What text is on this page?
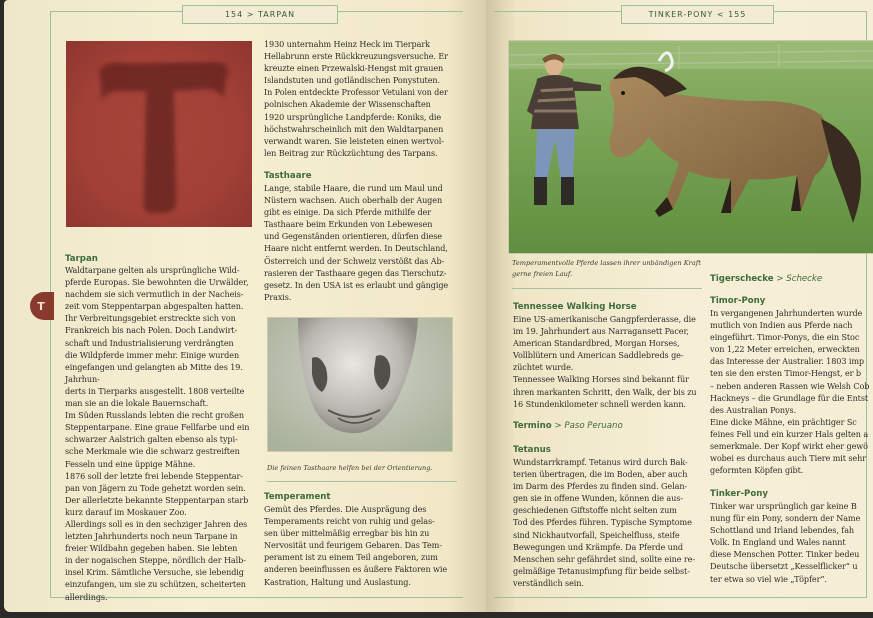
154 > TARPAN
T
T
Tarpan
Waldtarpane gelten als ursprüngliche Wild-
pferde Europas. Sie bewohnten die Urwälder,
nachdem sie sich vermutlich in der Nacheis-
zeit vom Steppentarpan abgespalten hatten.
Ihr Verbreitungsgebiet erstreckte sich von
Frankreich bis nach Polen. Doch Landwirt-
schaft und Industrialisierung verdrängten
die Wildpferde immer mehr. Einige wurden
eingefangen und gelangten ab Mitte des 19. Jahrhun-
derts in Tierparks ausgestellt. 1808 verteilte
man sie an die lokale Bauernschaft.
Im Süden Russlands lebten die recht großen
Steppentarpane. Eine graue Fellfarbe und ein
schwarzer Aalstrich galten ebenso als typi-
sche Merkmale wie die schwarz gestreiften
Fesseln und eine üppige Mähne.
1876 soll der letzte frei lebende Steppentar-
pan von Jägern zu Tode gehetzt worden sein.
Der allerletzte bekannte Steppentarpan starb
kurz darauf im Moskauer Zoo.
Allerdings soll es in den sechziger Jahren des
letzten Jahrhunderts noch neun Tarpane in
freier Wildbahn gegeben haben. Sie lebten
in der nogaischen Steppe, nördlich der Halb-
insel Krim. Sämtliche Versuche, sie lebendig
einzufangen, um sie zu schützen, scheiterten
allerdings.
1930 unternahm Heinz Heck im Tierpark
Hellabrunn erste Rückkreuzungsversuche. Er
kreuzte einen Przewalski-Hengst mit grauen
Islandstuten und gotländischen Ponystuten.
In Polen entdeckte Professor Vetulani von der
polnischen Akademie der Wissenschaften
1920 ursprüngliche Landpferde: Koniks, die
höchstwahrscheinlich mit den Waldtarpanen
verwandt waren. Sie leisteten einen wertvol-
len Beitrag zur Rückzüchtung des Tarpans.
Tasthaare
Lange, stabile Haare, die rund um Maul und
Nüstern wachsen. Auch oberhalb der Augen
gibt es einige. Da sich Pferde mithilfe der
Tasthaare beim Erkunden von Lebewesen
und Gegenständen orientieren, dürfen diese
Haare nicht entfernt werden. In Deutschland,
Österreich und der Schweiz verstößt das Ab-
rasieren der Tasthaare gegen das Tierschutz-
gesetz. In den USA ist es erlaubt und gängige
Praxis.
Die feinen Tasthaare helfen bei der Orientierung.
Temperament
Gemüt des Pferdes. Die Ausprägung des
Temperaments reicht von ruhig und gelas-
sen über mittelmäßig erregbar bis hin zu
Nervosität und feurigem Gebaren. Das Tem-
perament ist zu einem Teil angeboren, zum
anderen beeinflussen es äußere Faktoren wie
Kastration, Haltung und Auslastung.
TINKER-PONY < 155
Temperamentvolle Pferde lassen ihrer unbändigen Kraft
gerne freien Lauf.
Tennessee Walking Horse
Eine US-amerikanische Gangpferderasse, die
im 19. Jahrhundert aus Narragansett Pacer,
American Standardbred, Morgan Horses,
Vollblütern und American Saddlebreds ge-
züchtet wurde.
Tennessee Walking Horses sind bekannt für
ihren markanten Schritt, den Walk, der bis zu
16 Stundenkilometer schnell werden kann.
Termino > Paso Peruano
Tetanus
Wundstarrkrampf. Tetanus wird durch Bak-
terien übertragen, die im Boden, aber auch
im Darm des Pferdes zu finden sind. Gelan-
gen sie in offene Wunden, können die aus-
geschiedenen Giftstoffe nicht selten zum
Tod des Pferdes führen. Typische Symptome
sind Nickhautvorfall, Speichelfluss, steife
Bewegungen und Krämpfe. Da Pferde und
Menschen sehr gefährdet sind, sollte eine re-
gelmäßige Tetanusimpfung für beide selbst-
verständlich sein.
Tigerschecke > Schecke
Timor-Pony
In vergangenen Jahrhunderten wurde
mutlich von Indien aus Pferde nach
eingeführt. Timor-Ponys, die ein Stoc
von 1,22 Meter erreichen, erweckten
das Interesse der Australier. 1803 imp
ten sie den ersten Timor-Hengst, er b
– neben anderen Rassen wie Welsh Cob
Hackneys – die Grundlage für die Entst
des Australian Ponys.
Eine dicke Mähne, ein prächtiger Sc
feines Fell und ein kurzer Hals gelten a
semerkmale. Der Kopf wirkt eher gewö
wobei es durchaus auch Tiere mit sehr
geformten Köpfen gibt.
Tinker-Pony
Tinker war ursprünglich gar keine B
nung für ein Pony, sondern der Name
Schottland und Irland lebendes, fah
Volk. In England und Wales nannt
diese Menschen Potter. Tinker bedeu
Deutsche übersetzt „Kesselflicker“ u
ter etwa so viel wie „Töpfer“.
